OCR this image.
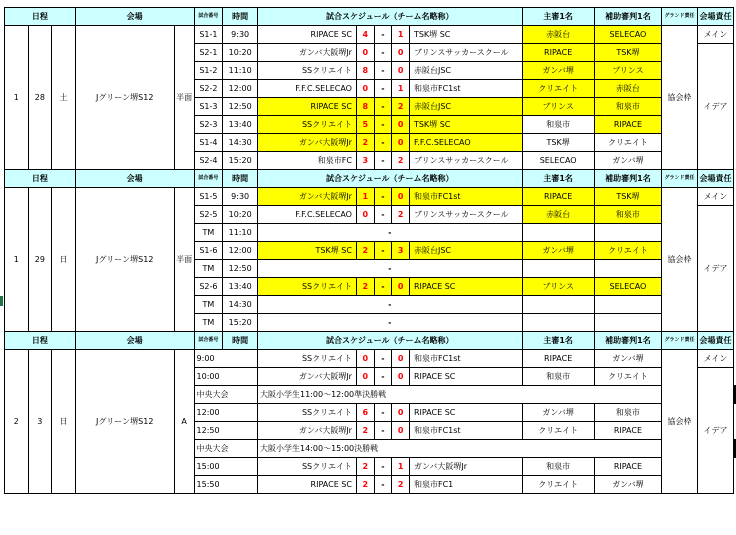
日程			会場		試合番号	時間	試合スケジュール（チーム名略称）					主審1名	補助審判1名	グランド責任	会場責任	
1	28	土	Jグリーン堺S12	半面	S1-1	9:30	RIPACE SC	4	-	1	TSK堺 SC	赤阪台	SELECAO	協会枠	メイン	
					S2-1	10:20	ガンバ大阪堺Jr	0	-	0	ブリンスサッカースクール	RIPACE	TSK堺		イデア	
					S1-2	11:10	SSクリエイト	8	-	0	赤阪台JSC	ガンバ堺	ブリンス			
					S2-2	12:00	F.F.C.SELECAO	0	-	1	和泉市FC1st	クリエイト	赤阪台			
					S1-3	12:50	RIPACE SC	8	-	2	赤阪台JSC	ブリンス	和泉市			
					S2-3	13:40	SSクリエイト	5	-	0	TSK堺 SC	和泉市	RIPACE			
					S1-4	14:30	ガンバ大阪堺Jr	2	-	0	F.F.C.SELECAO	TSK堺	クリエイト			
					S2-4	15:20	和泉市FC	3	-	2	ブリンスサッカースクール	SELECAO	ガンバ堺			
日程			会場		試合番号	時間	試合スケジュール（チーム名略称）					主審1名	補助審判1名	グランド責任	会場責任	
1	29	日	Jグリーン堺S12	半面	S1-5	9:30	ガンバ大阪堺Jr	1	-	0	和泉市FC1st	RIPACE	TSK堺	協会枠	メイン	
					S2-5	10:20	F.F.C.SELECAO	0	-	2	ブリンスサッカースクール	赤阪台	和泉市		イデア	
					TM	11:10	-									
					S1-6	12:00	TSK堺 SC	2	-	3	赤阪台JSC	ガンバ堺	クリエイト			
					TM	12:50	-									
					S2-6	13:40	SSクリエイト	2	-	0	RIPACE SC	ブリンス	SELECAO			
					TM	14:30	-									
					TM	15:20	-									
日程			会場		試合番号	時間	試合スケジュール（チーム名略称）					主審1名	補助審判1名	グランド責任	会場責任	
2	3	日	Jグリーン堺S12	A	9:00		SSクリエイト	0	-	0	和泉市FC1st	RIPACE	ガンバ堺	協会枠	メイン	
					10:00		ガンバ大阪堺Jr	0	-	0	RIPACE SC	和泉市	クリエイト		イデア	
					中央大会		大阪小学生11:00～12:00準決勝戦									
					12:00		SSクリエイト	6	-	0	RIPACE SC	ガンバ堺	和泉市			
					12:50		ガンバ大阪堺Jr	2	-	0	和泉市FC1st	クリエイト	RIPACE			
					中央大会		大阪小学生14:00～15:00決勝戦									
					15:00		SSクリエイト	2	-	1	ガンバ大阪堺Jr	和泉市	RIPACE			
					15:50		RIPACE SC	2	-	2	和泉市FC1	クリエイト	ガンバ堺			
